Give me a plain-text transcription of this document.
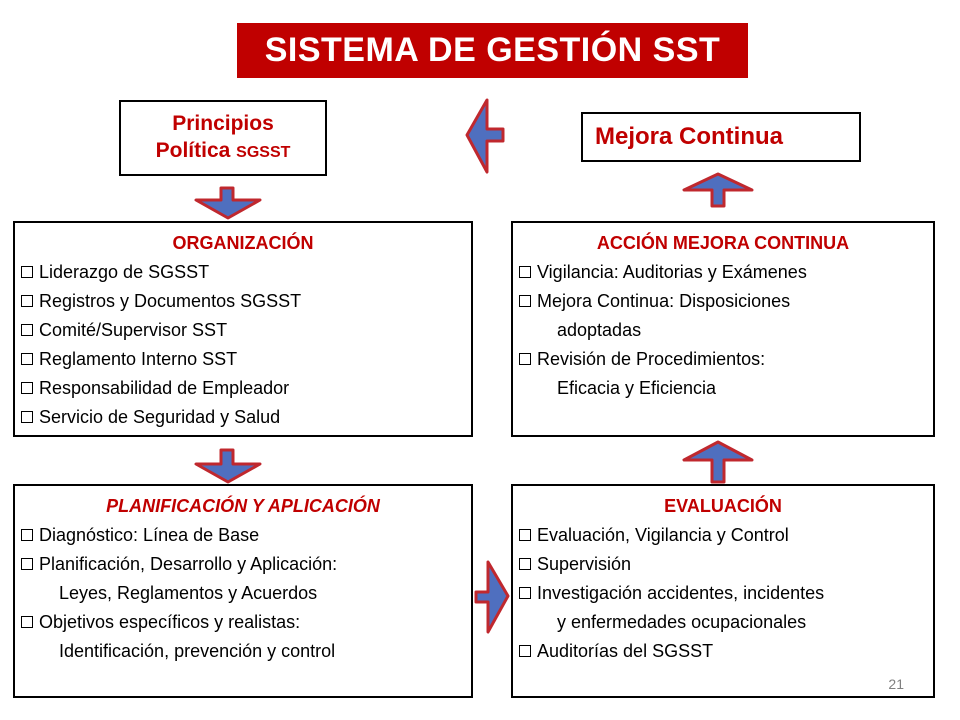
SISTEMA DE GESTIÓN SST
Principios
Política SGSST
Mejora Continua
ORGANIZACIÓN
Liderazgo de SGSST
Registros y Documentos SGSST
Comité/Supervisor SST
Reglamento Interno SST
Responsabilidad de Empleador
Servicio de Seguridad y Salud
ACCIÓN MEJORA CONTINUA
Vigilancia: Auditorias y Exámenes
Mejora Continua: Disposiciones
adoptadas
Revisión de Procedimientos:
Eficacia y Eficiencia
PLANIFICACIÓN Y APLICACIÓN
Diagnóstico: Línea de Base
Planificación, Desarrollo y Aplicación:
Leyes, Reglamentos y Acuerdos
Objetivos específicos y realistas:
Identificación, prevención y control
EVALUACIÓN
Evaluación, Vigilancia y Control
Supervisión
Investigación accidentes, incidentes
y enfermedades ocupacionales
Auditorías del SGSST
21
